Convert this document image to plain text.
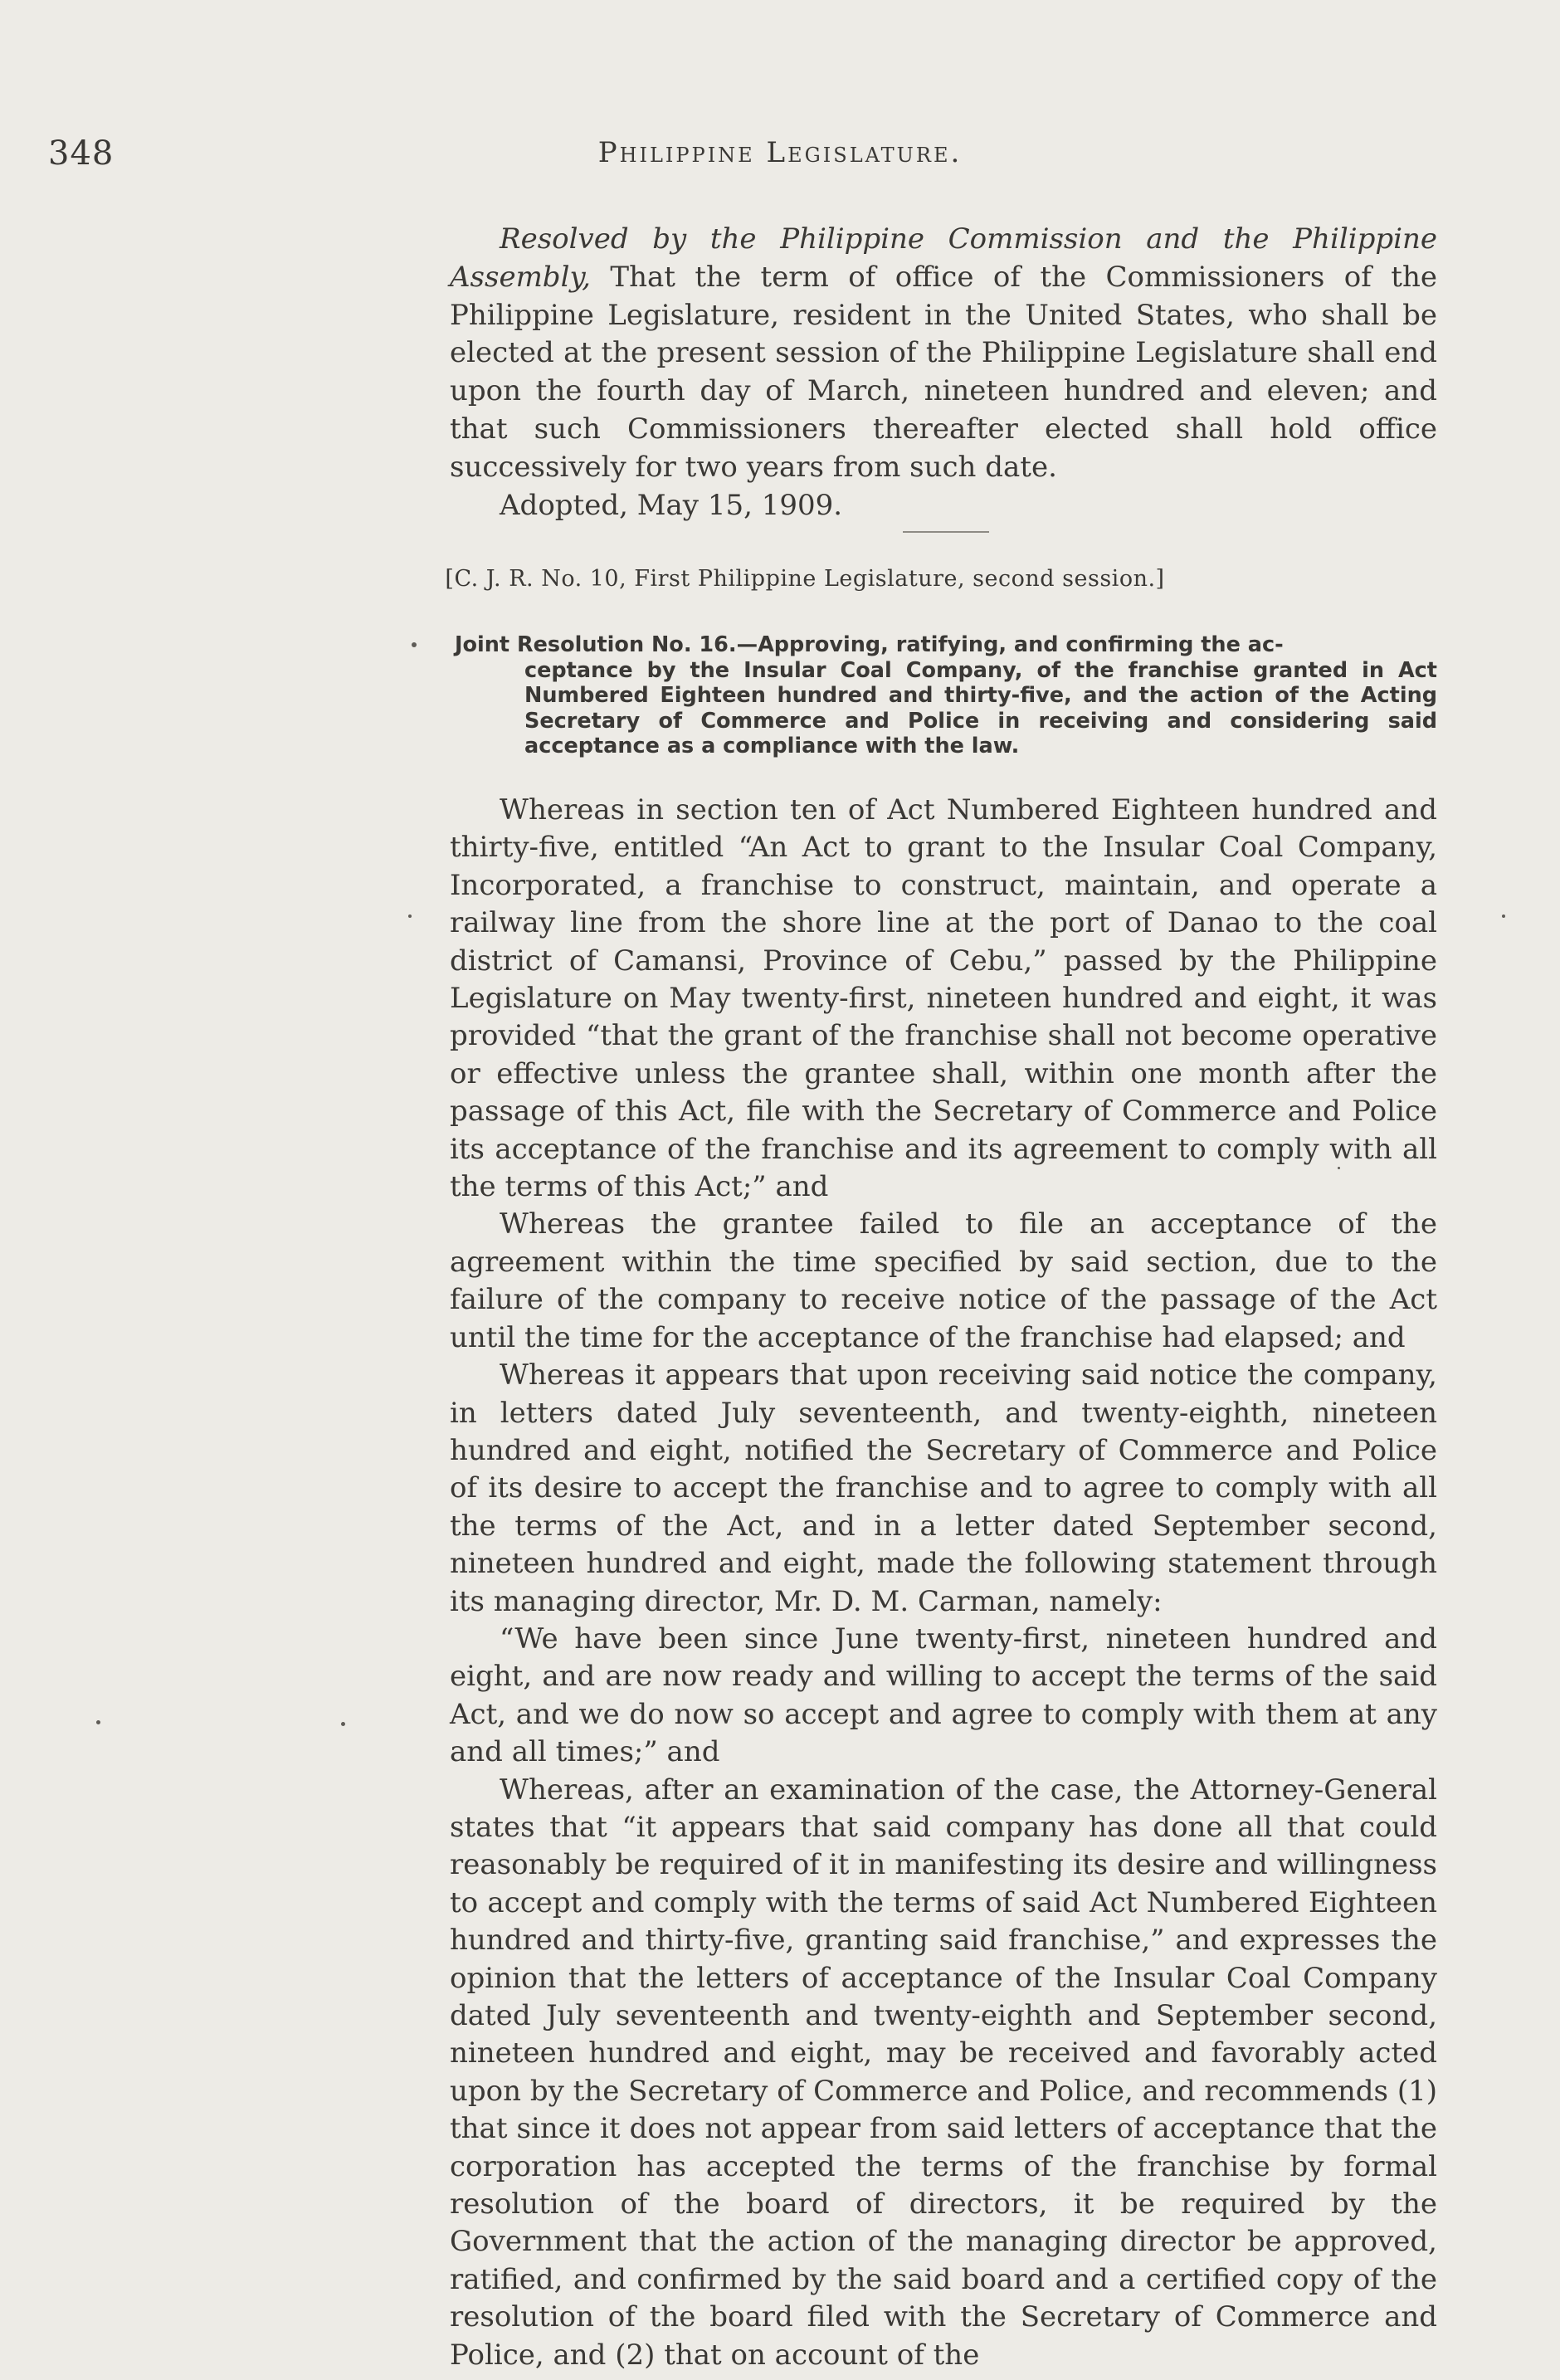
348	Philippine Legislature.

Resolved by the Philippine Commission and the Philippine Assembly, That the term of office of the Commissioners of the Philippine Legislature, resident in the United States, who shall be elected at the present session of the Philippine Legislature shall end upon the fourth day of March, nineteen hundred and eleven; and that such Commissioners thereafter elected shall hold office successively for two years from such date.

Adopted, May 15, 1909.

[C. J. R. No. 10, First Philippine Legislature, second session.]
Joint Resolution No. 16.—Approving, ratifying, and confirming the ac-
ceptance by the Insular Coal Company, of the franchise granted in Act Numbered Eighteen hundred and thirty-five, and the action of the Acting Secretary of Commerce and Police in receiving and considering said acceptance as a compliance with the law.

Whereas in section ten of Act Numbered Eighteen hundred and thirty-five, entitled “An Act to grant to the Insular Coal Company, Incorporated, a franchise to construct, maintain, and operate a railway line from the shore line at the port of Danao to the coal district of Camansi, Province of Cebu,” passed by the Philippine Legislature on May twenty-first, nineteen hundred and eight, it was provided “that the grant of the franchise shall not become operative or effective unless the grantee shall, within one month after the passage of this Act, file with the Secretary of Commerce and Police its acceptance of the franchise and its agreement to comply with all the terms of this Act;” and

Whereas the grantee failed to file an acceptance of the agreement within the time specified by said section, due to the failure of the company to receive notice of the passage of the Act until the time for the acceptance of the franchise had elapsed; and

Whereas it appears that upon receiving said notice the company, in letters dated July seventeenth, and twenty-eighth, nineteen hundred and eight, notified the Secretary of Commerce and Police of its desire to accept the franchise and to agree to comply with all the terms of the Act, and in a letter dated September second, nineteen hundred and eight, made the following statement through its managing director, Mr. D. M. Carman, namely:

“We have been since June twenty-first, nineteen hundred and eight, and are now ready and willing to accept the terms of the said Act, and we do now so accept and agree to comply with them at any and all times;” and

Whereas, after an examination of the case, the Attorney-General states that “it appears that said company has done all that could reasonably be required of it in manifesting its desire and willingness to accept and comply with the terms of said Act Numbered Eighteen hundred and thirty-five, granting said franchise,” and expresses the opinion that the letters of acceptance of the Insular Coal Company dated July seventeenth and twenty-eighth and September second, nineteen hundred and eight, may be received and favorably acted upon by the Secretary of Commerce and Police, and recommends (1) that since it does not appear from said letters of acceptance that the corporation has accepted the terms of the franchise by formal resolution of the board of directors, it be required by the Government that the action of the managing director be approved, ratified, and confirmed by the said board and a certified copy of the resolution of the board filed with the Secretary of Commerce and Police, and (2) that on account of the
